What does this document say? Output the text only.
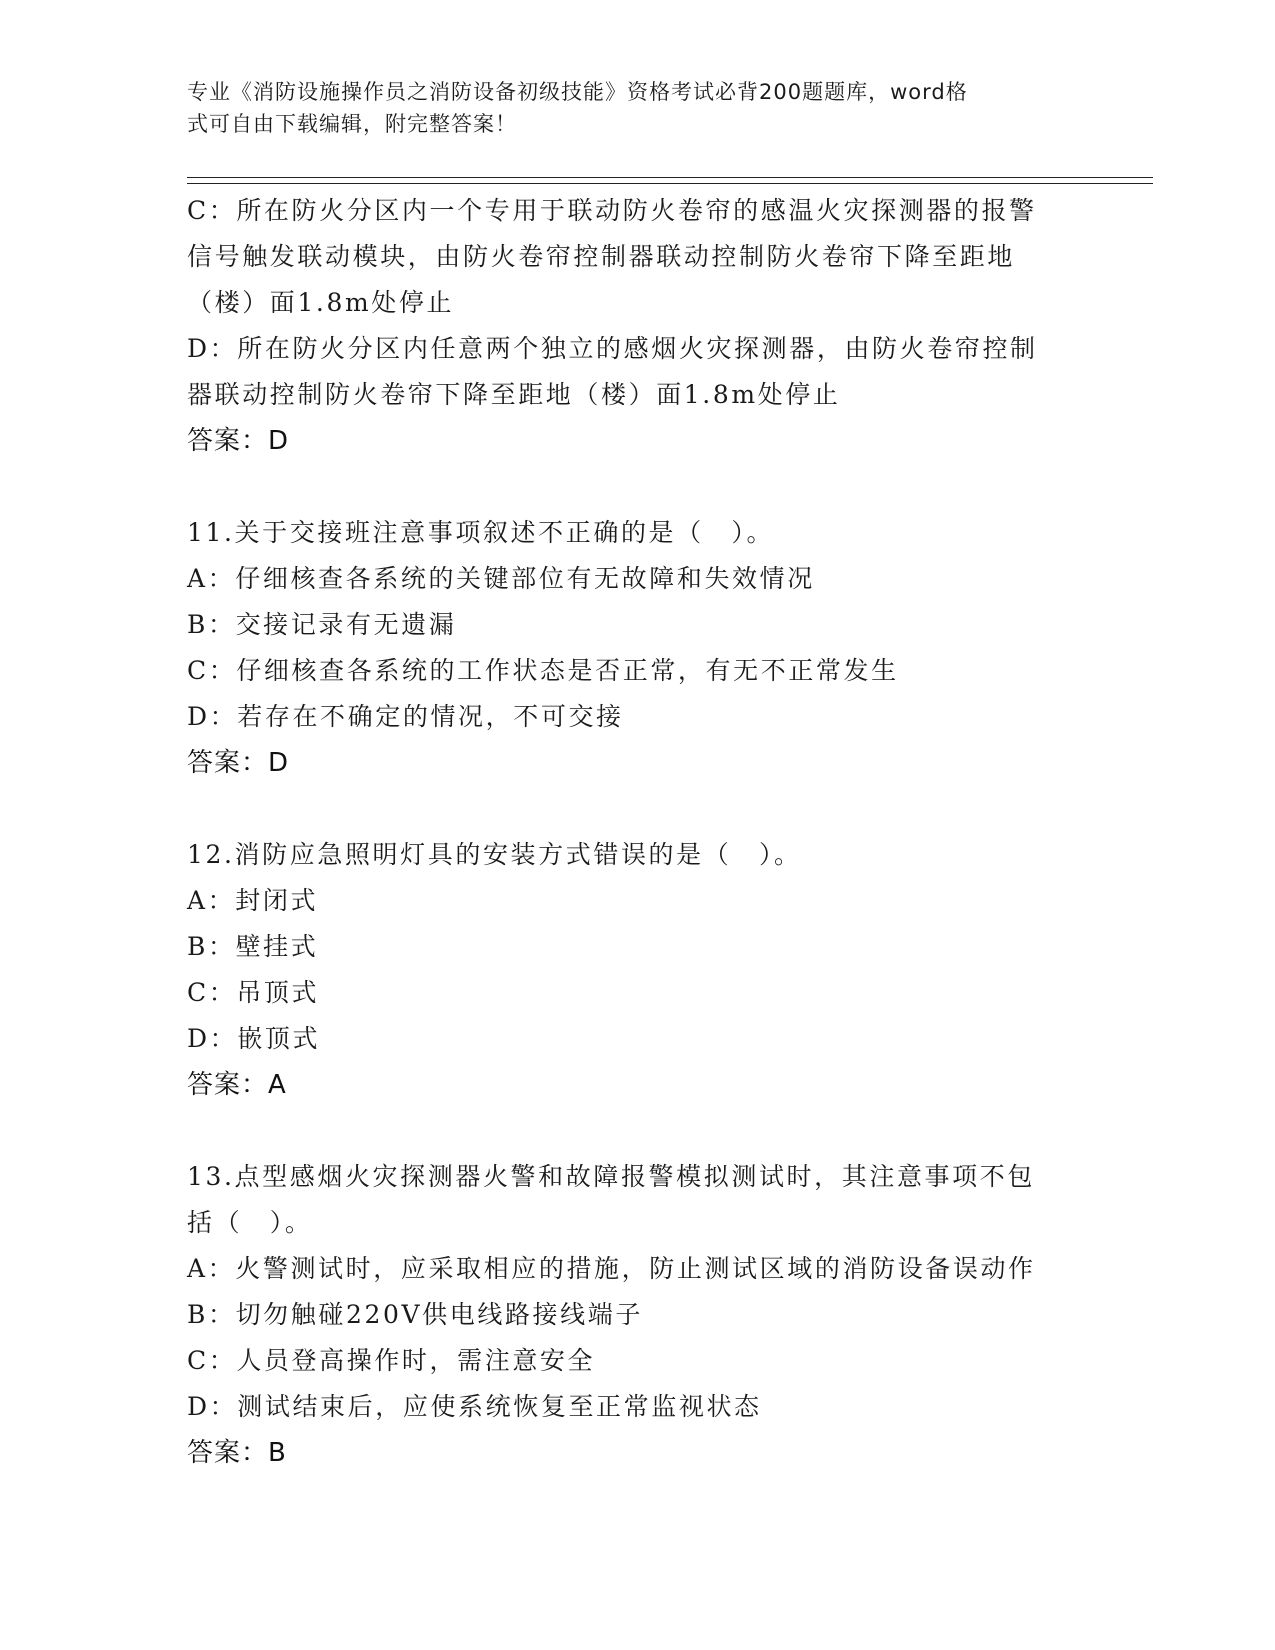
专业《消防设施操作员之消防设备初级技能》资格考试必背200题题库，word格
式可自由下载编辑，附完整答案！
C：所在防火分区内一个专用于联动防火卷帘的感温火灾探测器的报警
信号触发联动模块，由防火卷帘控制器联动控制防火卷帘下降至距地
（楼）面1.8m处停止
D：所在防火分区内任意两个独立的感烟火灾探测器，由防火卷帘控制
器联动控制防火卷帘下降至距地（楼）面1.8m处停止
答案：D
11.关于交接班注意事项叙述不正确的是（　）。
A：仔细核查各系统的关键部位有无故障和失效情况
B：交接记录有无遗漏
C：仔细核查各系统的工作状态是否正常，有无不正常发生
D：若存在不确定的情况，不可交接
答案：D
12.消防应急照明灯具的安装方式错误的是（　）。
A：封闭式
B：壁挂式
C：吊顶式
D：嵌顶式
答案：A
13.点型感烟火灾探测器火警和故障报警模拟测试时，其注意事项不包
括（　）。
A：火警测试时，应采取相应的措施，防止测试区域的消防设备误动作
B：切勿触碰220V供电线路接线端子
C：人员登高操作时，需注意安全
D：测试结束后，应使系统恢复至正常监视状态
答案：B
